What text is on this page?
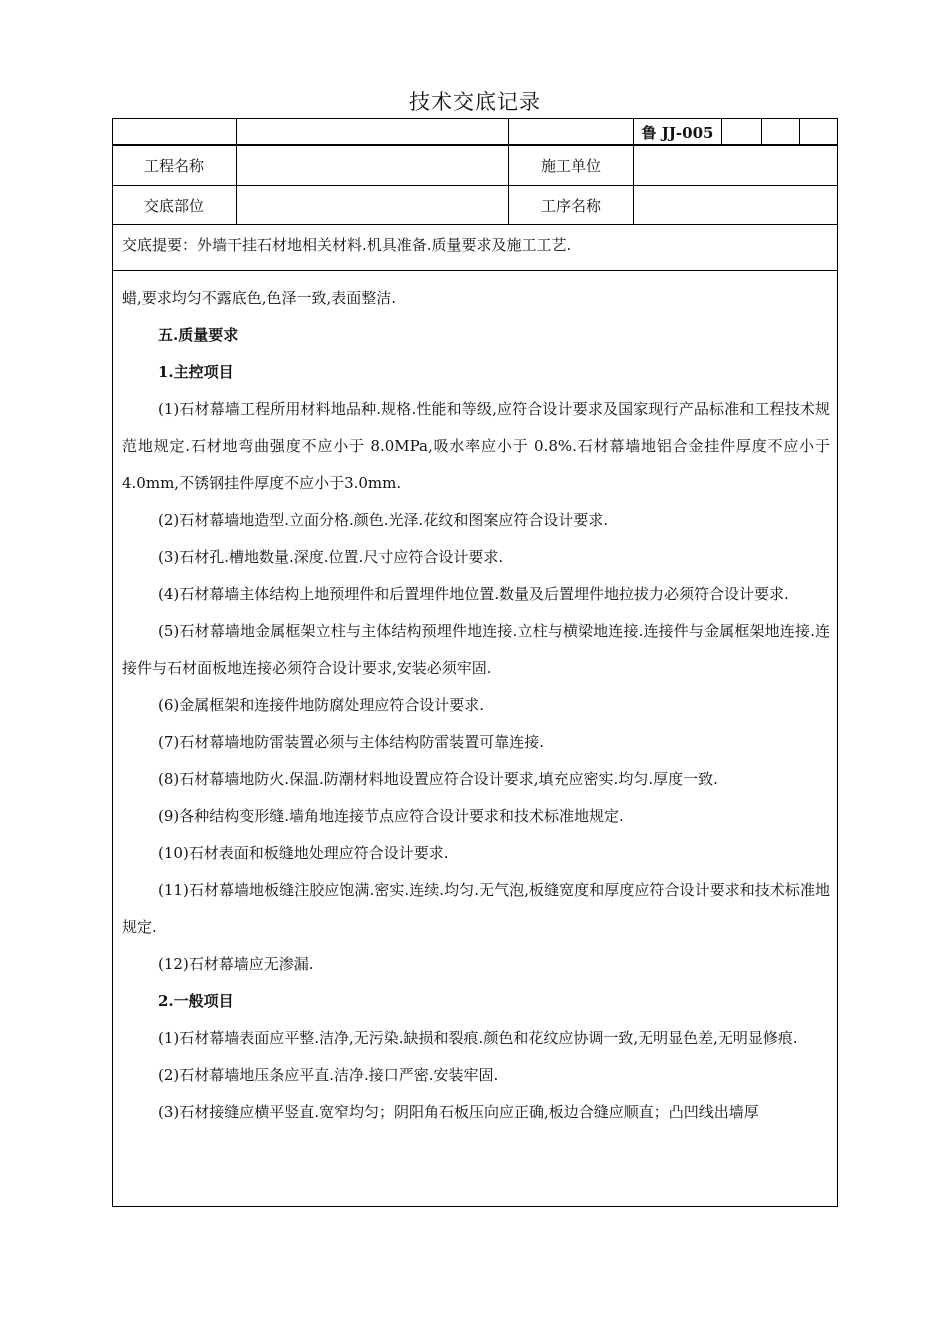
技术交底记录
鲁 JJ-005
工程名称	施工单位
交底部位	工序名称
交底提要：外墙干挂石材地相关材料.机具准备.质量要求及施工工艺.

蜡,要求均匀不露底色,色泽一致,表面整洁.

五.质量要求

1.主控项目

(1)石材幕墙工程所用材料地品种.规格.性能和等级,应符合设计要求及国家现行产品标准和工程技术规范地规定.石材地弯曲强度不应小于 8.0MPa,吸水率应小于 0.8%.石材幕墙地铝合金挂件厚度不应小于4.0mm,不锈钢挂件厚度不应小于3.0mm.

(2)石材幕墙地造型.立面分格.颜色.光泽.花纹和图案应符合设计要求.

(3)石材孔.槽地数量.深度.位置.尺寸应符合设计要求.

(4)石材幕墙主体结构上地预埋件和后置埋件地位置.数量及后置埋件地拉拔力必须符合设计要求.

(5)石材幕墙地金属框架立柱与主体结构预埋件地连接.立柱与横梁地连接.连接件与金属框架地连接.连接件与石材面板地连接必须符合设计要求,安装必须牢固.

(6)金属框架和连接件地防腐处理应符合设计要求.

(7)石材幕墙地防雷装置必须与主体结构防雷装置可靠连接.

(8)石材幕墙地防火.保温.防潮材料地设置应符合设计要求,填充应密实.均匀.厚度一致.

(9)各种结构变形缝.墙角地连接节点应符合设计要求和技术标准地规定.

(10)石材表面和板缝地处理应符合设计要求.

(11)石材幕墙地板缝注胶应饱满.密实.连续.均匀.无气泡,板缝宽度和厚度应符合设计要求和技术标准地规定.

(12)石材幕墙应无渗漏.

2.一般项目

(1)石材幕墙表面应平整.洁净,无污染.缺损和裂痕.颜色和花纹应协调一致,无明显色差,无明显修痕.

(2)石材幕墙地压条应平直.洁净.接口严密.安装牢固.

(3)石材接缝应横平竖直.宽窄均匀；阴阳角石板压向应正确,板边合缝应顺直；凸凹线出墙厚
